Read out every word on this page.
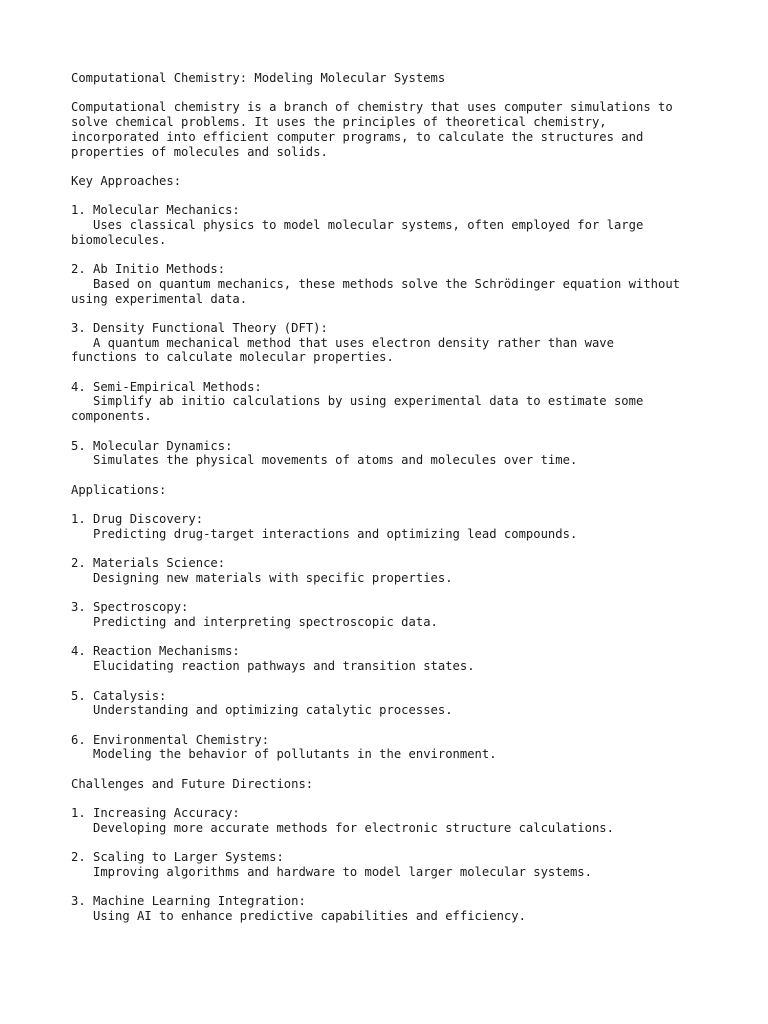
Computational Chemistry: Modeling Molecular Systems

Computational chemistry is a branch of chemistry that uses computer simulations to
solve chemical problems. It uses the principles of theoretical chemistry,
incorporated into efficient computer programs, to calculate the structures and
properties of molecules and solids.

Key Approaches:

1. Molecular Mechanics:
Uses classical physics to model molecular systems, often employed for large
biomolecules.

2. Ab Initio Methods:
Based on quantum mechanics, these methods solve the Schrödinger equation without
using experimental data.

3. Density Functional Theory (DFT):
A quantum mechanical method that uses electron density rather than wave
functions to calculate molecular properties.

4. Semi-Empirical Methods:
Simplify ab initio calculations by using experimental data to estimate some
components.

5. Molecular Dynamics:
Simulates the physical movements of atoms and molecules over time.

Applications:

1. Drug Discovery:
Predicting drug-target interactions and optimizing lead compounds.

2. Materials Science:
Designing new materials with specific properties.

3. Spectroscopy:
Predicting and interpreting spectroscopic data.

4. Reaction Mechanisms:
Elucidating reaction pathways and transition states.

5. Catalysis:
Understanding and optimizing catalytic processes.

6. Environmental Chemistry:
Modeling the behavior of pollutants in the environment.

Challenges and Future Directions:

1. Increasing Accuracy:
Developing more accurate methods for electronic structure calculations.

2. Scaling to Larger Systems:
Improving algorithms and hardware to model larger molecular systems.

3. Machine Learning Integration:
Using AI to enhance predictive capabilities and efficiency.
